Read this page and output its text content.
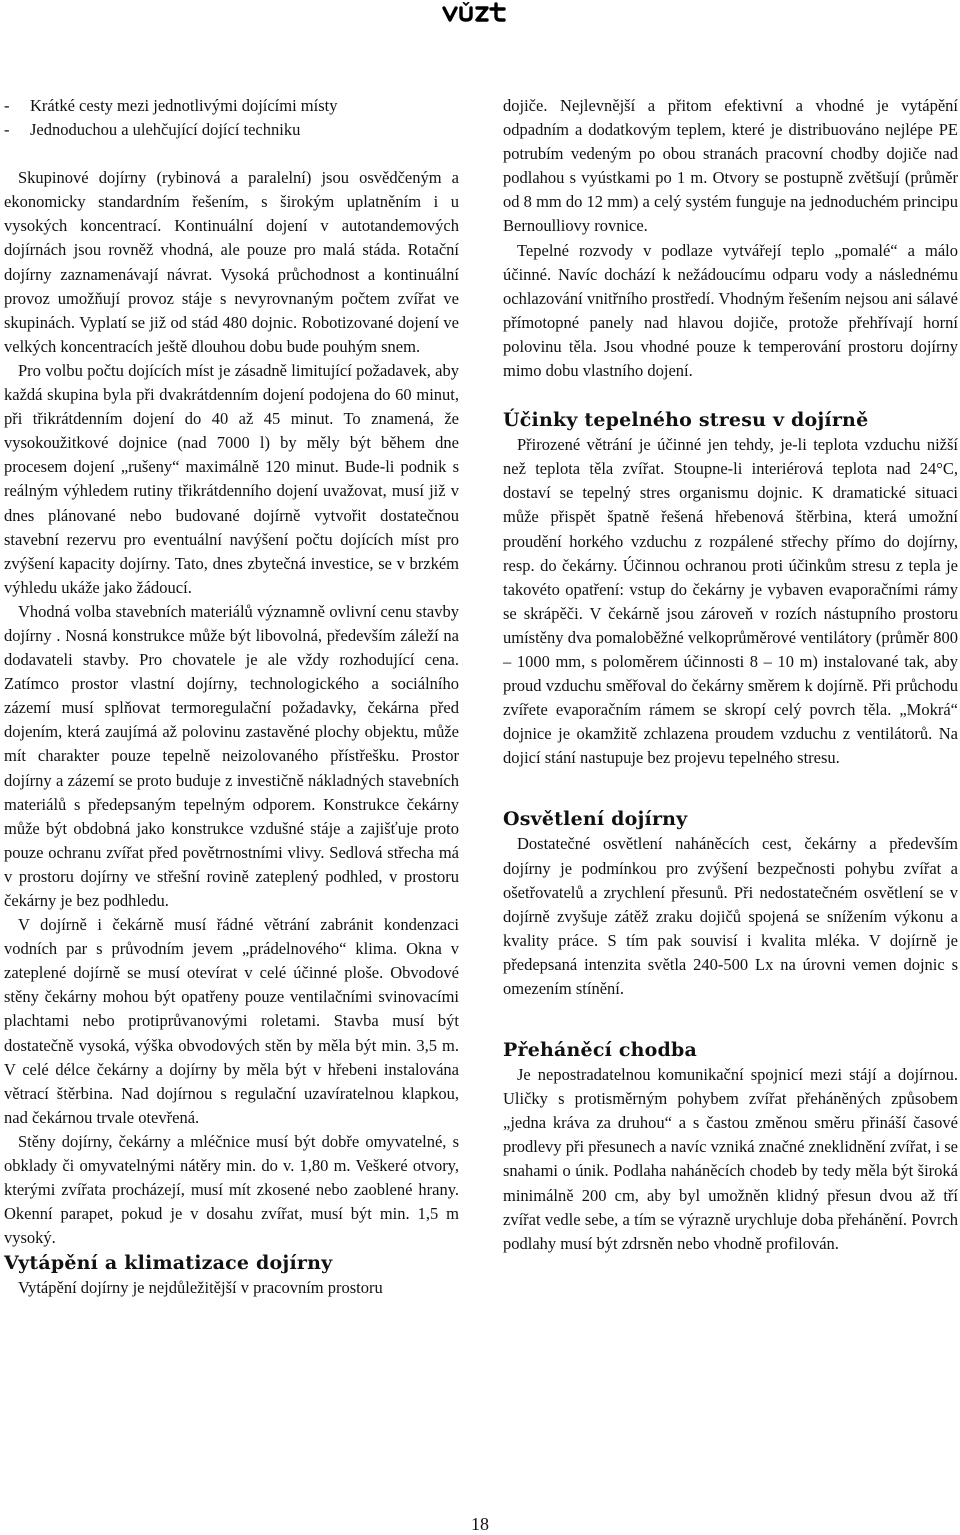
-	Krátké cesty mezi jednotlivými dojícími místy
-	Jednoduchou a ulehčující dojící techniku

Skupinové dojírny (rybinová a paralelní) jsou osvědčeným a ekonomicky standardním řešením, s širokým uplatněním i u vysokých koncentrací. Kontinuální dojení v autotandemových dojírnách jsou rovněž vhodná, ale pouze pro malá stáda. Rotační dojírny zaznamenávají návrat. Vysoká průchodnost a kontinuální provoz umožňují provoz stáje s nevyrovnaným počtem zvířat ve skupinách. Vyplatí se již od stád 480 dojnic. Robotizované dojení ve velkých koncentracích ještě dlouhou dobu bude pouhým snem.

Pro volbu počtu dojících míst je zásadně limitující požadavek, aby každá skupina byla při dvakrátdenním dojení podojena do 60 minut, při třikrátdenním dojení do 40 až 45 minut. To znamená, že vysokoužitkové dojnice (nad 7000 l) by měly být během dne procesem dojení „rušeny“ maximálně 120 minut. Bude-li podnik s reálným výhledem rutiny třikrátdenního dojení uvažovat, musí již v dnes plánované nebo budované dojírně vytvořit dostatečnou stavební rezervu pro eventuální navýšení počtu dojících míst pro zvýšení kapacity dojírny. Tato, dnes zbytečná investice, se v brzkém výhledu ukáže jako žádoucí.

Vhodná volba stavebních materiálů významně ovlivní cenu stavby dojírny . Nosná konstrukce může být libovolná, především záleží na dodavateli stavby. Pro chovatele je ale vždy rozhodující cena. Zatímco prostor vlastní dojírny, technologického a sociálního zázemí musí splňovat termoregulační požadavky, čekárna před dojením, která zaujímá až polovinu zastavěné plochy objektu, může mít charakter pouze tepelně neizolovaného přístřešku. Prostor dojírny a zázemí se proto buduje z investičně nákladných stavebních materiálů s předepsaným tepelným odporem. Konstrukce čekárny může být obdobná jako konstrukce vzdušné stáje a zajišťuje proto pouze ochranu zvířat před povětrnostními vlivy. Sedlová střecha má v prostoru dojírny ve střešní rovině zateplený podhled, v prostoru čekárny je bez podhledu.

V dojírně i čekárně musí řádné větrání zabránit kondenzaci vodních par s průvodním jevem „prádelnového“ klima. Okna v zateplené dojírně se musí otevírat v celé účinné ploše. Obvodové stěny čekárny mohou být opatřeny pouze ventilačními svinovacími plachtami nebo protiprůvanovými roletami. Stavba musí být dostatečně vysoká, výška obvodových stěn by měla být min. 3,5 m. V celé délce čekárny a dojírny by měla být v hřebeni instalována větrací štěrbina. Nad dojírnou s regulační uzavíratelnou klapkou, nad čekárnou trvale otevřená.

Stěny dojírny, čekárny a mléčnice musí být dobře omyvatelné, s obklady či omyvatelnými nátěry min. do v. 1,80 m. Veškeré otvory, kterými zvířata procházejí, musí mít zkosené nebo zaoblené hrany. Okenní parapet, pokud je v dosahu zvířat, musí být min. 1,5 m vysoký.

Vytápění a klimatizace dojírny

Vytápění dojírny je nejdůležitější v pracovním prostoru

dojiče. Nejlevnější a přitom efektivní a vhodné je vytápění odpadním a dodatkovým teplem, které je distribuováno nejlépe PE potrubím vedeným po obou stranách pracovní chodby dojiče nad podlahou s vyústkami po 1 m. Otvory se postupně zvětšují (průměr od 8 mm do 12 mm) a celý systém funguje na jednoduchém principu Bernoulliovy rovnice.

Tepelné rozvody v podlaze vytvářejí teplo „pomalé“ a málo účinné. Navíc dochází k nežádoucímu odparu vody a následnému ochlazování vnitřního prostředí. Vhodným řešením nejsou ani sálavé přímotopné panely nad hlavou dojiče, protože přehřívají horní polovinu těla. Jsou vhodné pouze k temperování prostoru dojírny mimo dobu vlastního dojení.

Účinky tepelného stresu v dojírně

Přirozené větrání je účinné jen tehdy, je-li teplota vzduchu nižší než teplota těla zvířat. Stoupne-li interiérová teplota nad 24°C, dostaví se tepelný stres organismu dojnic. K dramatické situaci může přispět špatně řešená hřebenová štěrbina, která umožní proudění horkého vzduchu z rozpálené střechy přímo do dojírny, resp. do čekárny. Účinnou ochranou proti účinkům stresu z tepla je takovéto opatření: vstup do čekárny je vybaven evaporačními rámy se skrápěči. V čekárně jsou zároveň v rozích nástupního prostoru umístěny dva pomaloběžné velkoprůměrové ventilátory (průměr 800 – 1000 mm, s poloměrem účinnosti 8 – 10 m) instalované tak, aby proud vzduchu směřoval do čekárny směrem k dojírně. Při průchodu zvířete evaporačním rámem se skropí celý povrch těla. „Mokrá“ dojnice je okamžitě zchlazena proudem vzduchu z ventilátorů. Na dojicí stání nastupuje bez projevu tepelného stresu.

Osvětlení dojírny

Dostatečné osvětlení naháněcích cest, čekárny a především dojírny je podmínkou pro zvýšení bezpečnosti pohybu zvířat a ošetřovatelů a zrychlení přesunů. Při nedostatečném osvětlení se v dojírně zvyšuje zátěž zraku dojičů spojená se snížením výkonu a kvality práce. S tím pak souvisí i kvalita mléka. V dojírně je předepsaná intenzita světla 240-500 Lx na úrovni vemen dojnic s omezením stínění.

Přeháněcí chodba

Je nepostradatelnou komunikační spojnicí mezi stájí a dojírnou. Uličky s protisměrným pohybem zvířat přeháněných způsobem „jedna kráva za druhou“ a s častou změnou směru přináší časové prodlevy při přesunech a navíc vzniká značné zneklidnění zvířat, i se snahami o únik. Podlaha naháněcích chodeb by tedy měla být široká minimálně 200 cm, aby byl umožněn klidný přesun dvou až tří zvířat vedle sebe, a tím se výrazně urychluje doba přehánění. Povrch podlahy musí být zdrsněn nebo vhodně profilován.

18
